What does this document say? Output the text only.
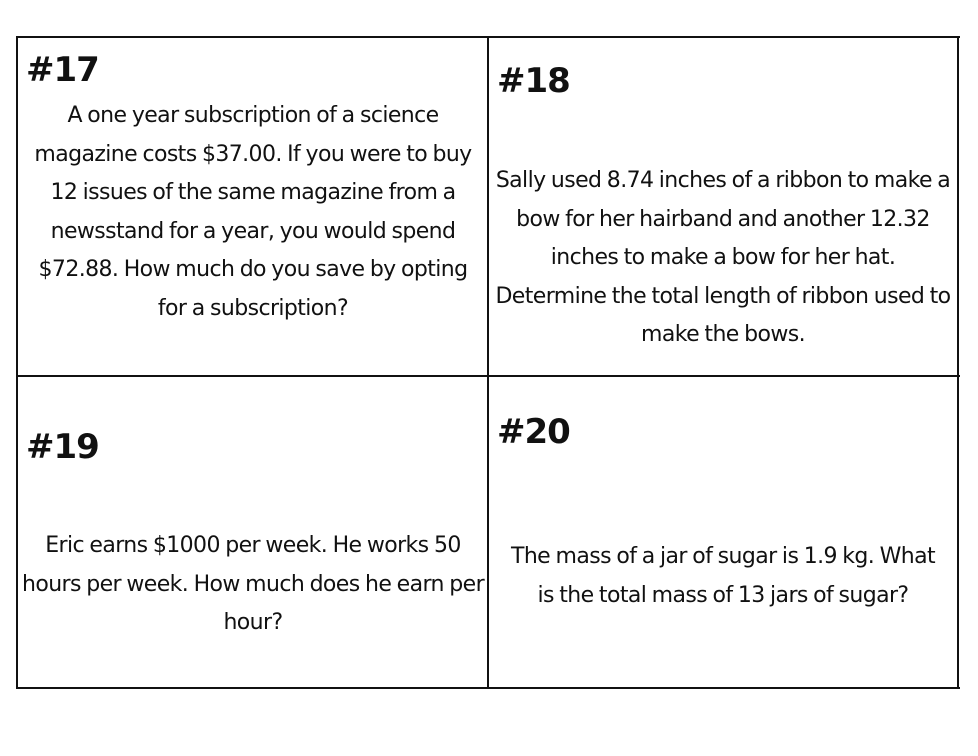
#17
A one year subscription of a science magazine costs $37.00. If you were to buy 12 issues of the same magazine from a newsstand for a year, you would spend $72.88. How much do you save by opting for a subscription?
#18
Sally used 8.74 inches of a ribbon to make a bow for her hairband and another 12.32 inches to make a bow for her hat. Determine the total length of ribbon used to make the bows.
#19
Eric earns $1000 per week. He works 50 hours per week. How much does he earn per hour?
#20
The mass of a jar of sugar is 1.9 kg. What is the total mass of 13 jars of sugar?
